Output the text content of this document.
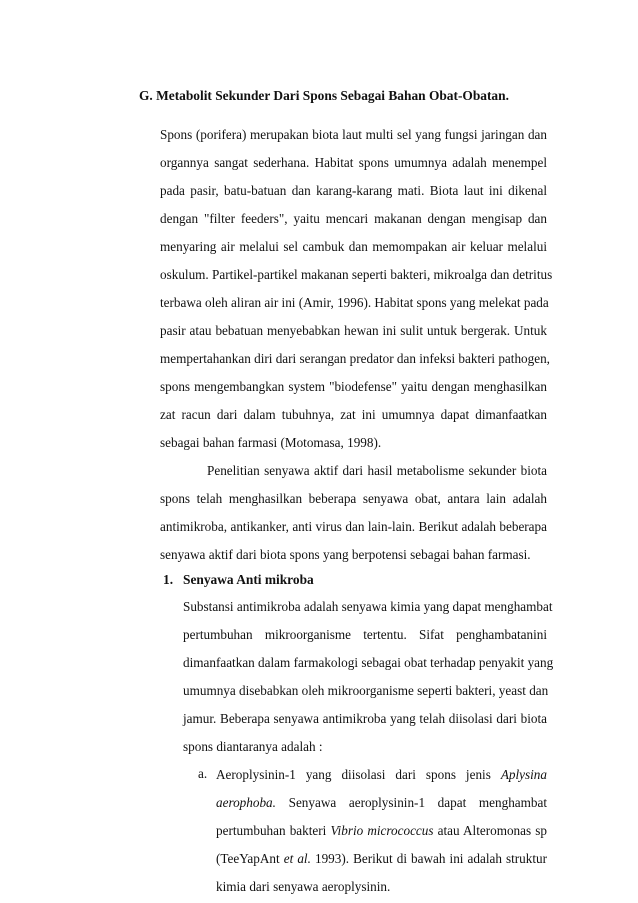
G. Metabolit Sekunder Dari Spons Sebagai Bahan Obat-Obatan.
Spons (porifera) merupakan biota laut multi sel yang fungsi jaringan dan
organnya sangat sederhana. Habitat spons umumnya adalah menempel
pada pasir, batu-batuan dan karang-karang mati. Biota laut ini dikenal
dengan "filter feeders", yaitu mencari makanan dengan mengisap dan
menyaring air melalui sel cambuk dan memompakan air keluar melalui
oskulum. Partikel-partikel makanan seperti bakteri, mikroalga dan detritus
terbawa oleh aliran air ini (Amir, 1996). Habitat spons yang melekat pada
pasir atau bebatuan menyebabkan hewan ini sulit untuk bergerak. Untuk
mempertahankan diri dari serangan predator dan infeksi bakteri pathogen,
spons mengembangkan system "biodefense" yaitu dengan menghasilkan
zat racun dari dalam tubuhnya, zat ini umumnya dapat dimanfaatkan
sebagai bahan farmasi (Motomasa, 1998).
Penelitian senyawa aktif dari hasil metabolisme sekunder biota
spons telah menghasilkan beberapa senyawa obat, antara lain adalah
antimikroba, antikanker, anti virus dan lain-lain. Berikut adalah beberapa
senyawa aktif dari biota spons yang berpotensi sebagai bahan farmasi.
1. Senyawa Anti mikroba
Substansi antimikroba adalah senyawa kimia yang dapat menghambat
pertumbuhan mikroorganisme tertentu. Sifat penghambatanini
dimanfaatkan dalam farmakologi sebagai obat terhadap penyakit yang
umumnya disebabkan oleh mikroorganisme seperti bakteri, yeast dan
jamur. Beberapa senyawa antimikroba yang telah diisolasi dari biota
spons diantaranya adalah :
a. Aeroplysinin-1 yang diisolasi dari spons jenis Aplysina
aerophoba. Senyawa aeroplysinin-1 dapat menghambat
pertumbuhan bakteri Vibrio micrococcus atau Alteromonas sp
(TeeYapAnt et al. 1993). Berikut di bawah ini adalah struktur
kimia dari senyawa aeroplysinin.
